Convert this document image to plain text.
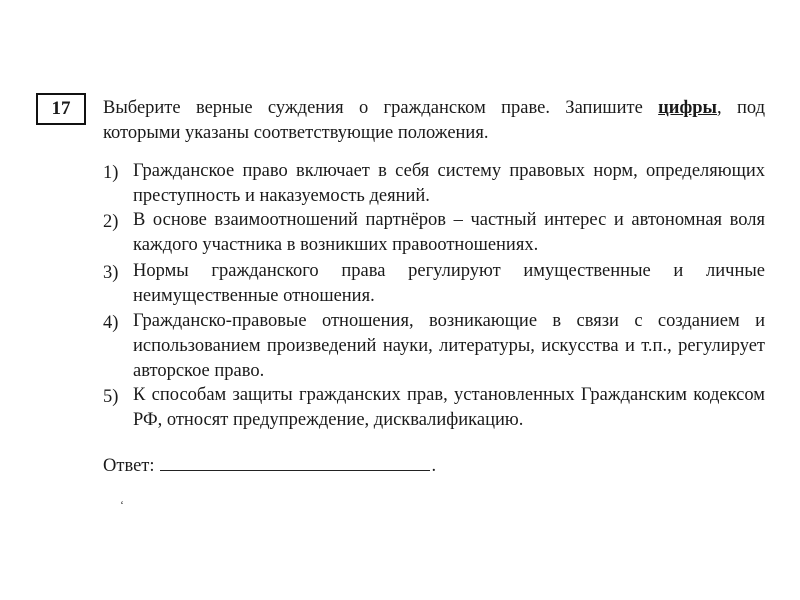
17 Выберите верные суждения о гражданском праве. Запишите цифры, под
которыми указаны соответствующие положения.
1) Гражданское право включает в себя систему правовых норм, определяющих преступность и наказуемость деяний.
2) В основе взаимоотношений партнёров – частный интерес и автономная воля каждого участника в возникших правоотношениях.
3) Нормы гражданского права регулируют имущественные и личные неимущественные отношения.
4) Гражданско-правовые отношения, возникающие в связи с созданием и использованием произведений науки, литературы, искусства и т.п., регулирует авторское право.
5) К способам защиты гражданских прав, установленных Гражданским кодексом РФ, относят предупреждение, дисквалификацию.
Ответ:	.
ʻ
